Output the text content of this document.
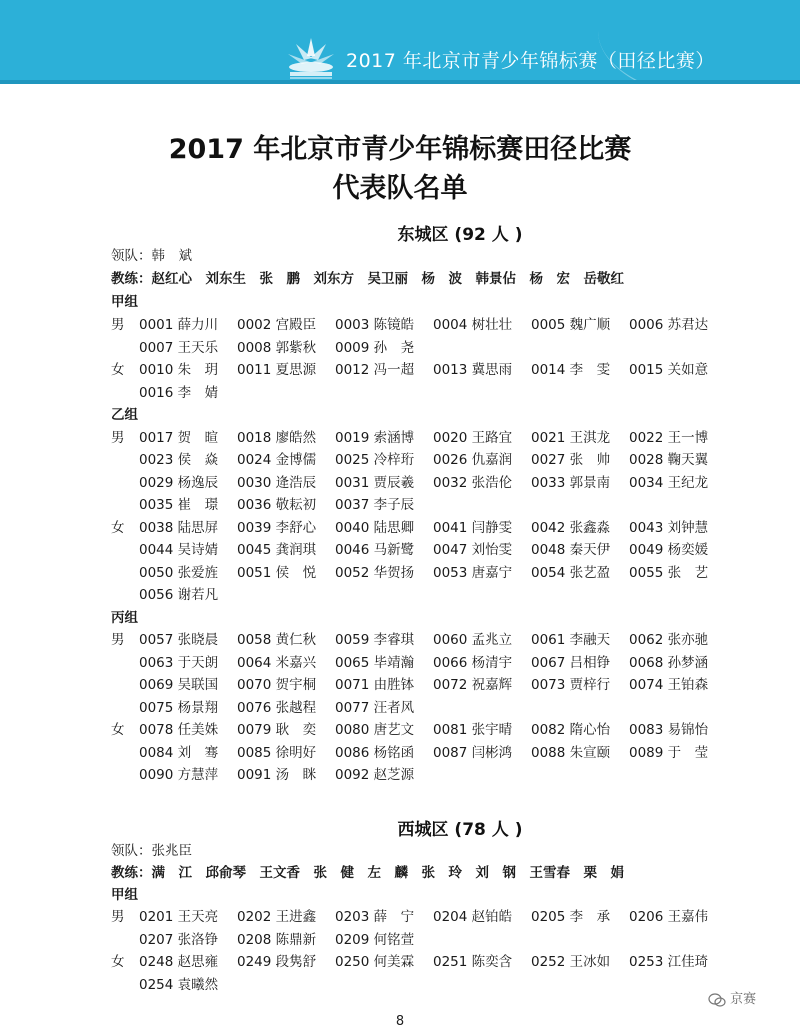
2017 年北京市青少年锦标赛（田径比赛）
2017 年北京市青少年锦标赛田径比赛
代表队名单
东城区 (92 人 )
领队：韩　斌
教练：赵红心　刘东生　张　鹏　刘东方　吴卫丽　杨　波　韩景佔　杨　宏　岳敬红
甲组
男 0001 薛力川 0002 宫殿臣 0003 陈镜皓 0004 树壮壮 0005 魏广顺 0006 苏君达
0007 王天乐 0008 郭紫秋 0009 孙　尧
女 0010 朱　玥 0011 夏思源 0012 冯一超 0013 冀思雨 0014 李　雯 0015 关如意
0016 李　婧
乙组
男 0017 贺　暄 0018 廖皓然 0019 索涵博 0020 王路宜 0021 王淇龙 0022 王一博
0023 侯　焱 0024 金博儒 0025 冷梓珩 0026 仇嘉润 0027 张　帅 0028 鞠天翼
0029 杨逸辰 0030 逄浩辰 0031 贾辰羲 0032 张浩伦 0033 郭景南 0034 王纪龙
0035 崔　璟 0036 敬耘初 0037 李子辰
女 0038 陆思屏 0039 李舒心 0040 陆思卿 0041 闫静雯 0042 张鑫淼 0043 刘钟慧
0044 吴诗婧 0045 龚润琪 0046 马新鹭 0047 刘怡雯 0048 秦天伊 0049 杨奕媛
0050 张爱旌 0051 侯　悦 0052 华贺扬 0053 唐嘉宁 0054 张艺盈 0055 张　艺
0056 谢若凡
丙组
男 0057 张晓晨 0058 黄仁秋 0059 李睿琪 0060 孟兆立 0061 李融天 0062 张亦驰
0063 于天朗 0064 米嘉兴 0065 毕靖瀚 0066 杨清宇 0067 吕相铮 0068 孙梦涵
0069 吴联国 0070 贺宇桐 0071 由胜钵 0072 祝嘉辉 0073 贾梓行 0074 王铂森
0075 杨景翔 0076 张越程 0077 汪者风
女 0078 任美姝 0079 耿　奕 0080 唐艺文 0081 张宇晴 0082 隋心怡 0083 易锦怡
0084 刘　骞 0085 徐明好 0086 杨铭函 0087 闫彬鸿 0088 朱宣颐 0089 于　莹
0090 方慧萍 0091 汤　眯 0092 赵芝源
西城区 (78 人 )
领队：张兆臣
教练：满　江　邱俞琴　王文香　张　健　左　麟　张　玲　刘　钢　王雪春　栗　娟
甲组
男 0201 王天亮 0202 王进鑫 0203 薛　宁 0204 赵铂皓 0205 李　承 0206 王嘉伟
0207 张洛铮 0208 陈鼎新 0209 何铭萱
女 0248 赵思雍 0249 段隽舒 0250 何美霖 0251 陈奕含 0252 王冰如 0253 江佳琦
0254 袁曦然
8
京赛
